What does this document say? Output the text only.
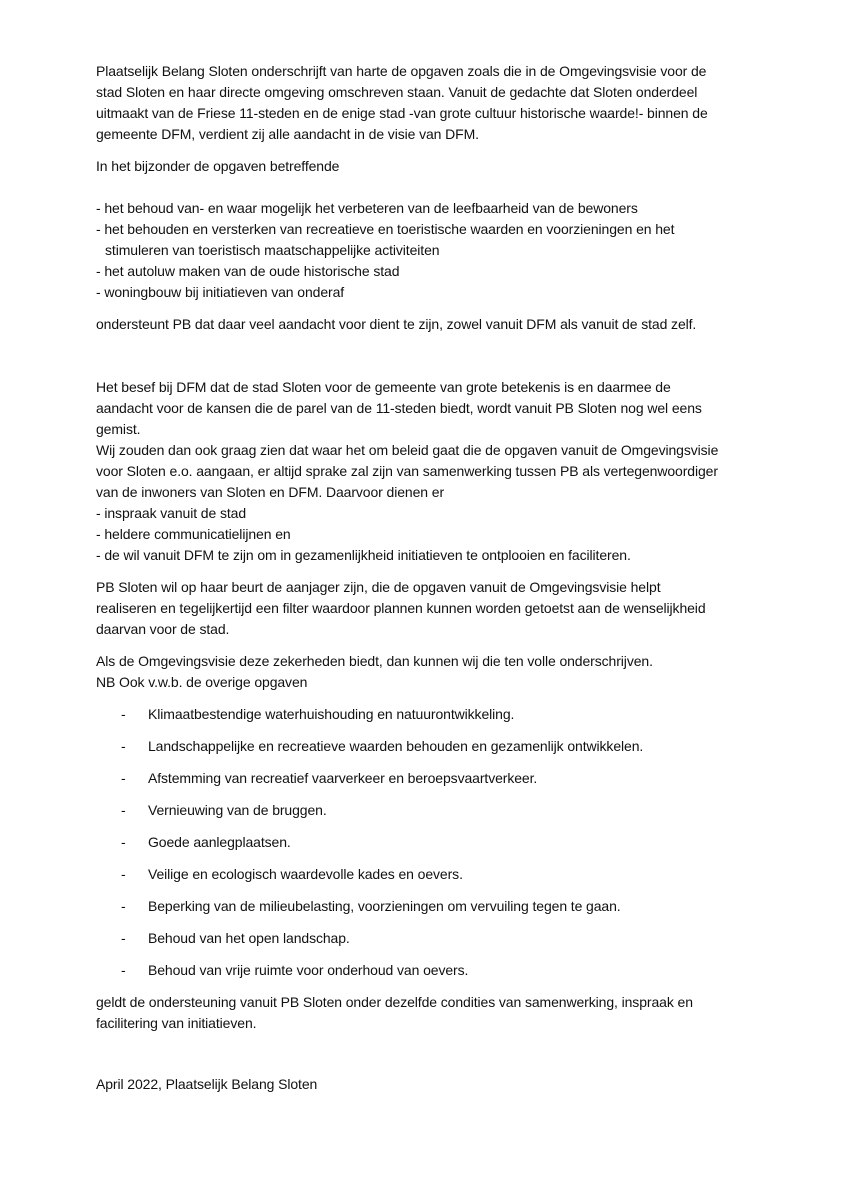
Plaatselijk Belang Sloten onderschrijft van harte de opgaven zoals die in de Omgevingsvisie voor de
stad Sloten en haar directe omgeving omschreven staan. Vanuit de gedachte dat Sloten onderdeel
uitmaakt van de Friese 11-steden en de enige stad -van grote cultuur historische waarde!- binnen de
gemeente DFM, verdient zij alle aandacht in de visie van DFM.

In het bijzonder de opgaven betreffende

- het behoud van- en waar mogelijk het verbeteren van de leefbaarheid van de bewoners
- het behouden en versterken van recreatieve en toeristische waarden en voorzieningen en het
stimuleren van toeristisch maatschappelijke activiteiten
- het autoluw maken van de oude historische stad
- woningbouw bij initiatieven van onderaf

ondersteunt PB dat daar veel aandacht voor dient te zijn, zowel vanuit DFM als vanuit de stad zelf.

Het besef bij DFM dat de stad Sloten voor de gemeente van grote betekenis is en daarmee de
aandacht voor de kansen die de parel van de 11-steden biedt, wordt vanuit PB Sloten nog wel eens
gemist.

Wij zouden dan ook graag zien dat waar het om beleid gaat die de opgaven vanuit de Omgevingsvisie
voor Sloten e.o. aangaan, er altijd sprake zal zijn van samenwerking tussen PB als vertegenwoordiger
van de inwoners van Sloten en DFM. Daarvoor dienen er

- inspraak vanuit de stad
- heldere communicatielijnen en
- de wil vanuit DFM te zijn om in gezamenlijkheid initiatieven te ontplooien en faciliteren.

PB Sloten wil op haar beurt de aanjager zijn, die de opgaven vanuit de Omgevingsvisie helpt
realiseren en tegelijkertijd een filter waardoor plannen kunnen worden getoetst aan de wenselijkheid
daarvan voor de stad.

Als de Omgevingsvisie deze zekerheden biedt, dan kunnen wij die ten volle onderschrijven.

NB Ook v.w.b. de overige opgaven

- Klimaatbestendige waterhuishouding en natuurontwikkeling.
- Landschappelijke en recreatieve waarden behouden en gezamenlijk ontwikkelen.
- Afstemming van recreatief vaarverkeer en beroepsvaartverkeer.
- Vernieuwing van de bruggen.
- Goede aanlegplaatsen.
- Veilige en ecologisch waardevolle kades en oevers.
- Beperking van de milieubelasting, voorzieningen om vervuiling tegen te gaan.
- Behoud van het open landschap.
- Behoud van vrije ruimte voor onderhoud van oevers.

geldt de ondersteuning vanuit PB Sloten onder dezelfde condities van samenwerking, inspraak en
facilitering van initiatieven.

April 2022, Plaatselijk Belang Sloten
